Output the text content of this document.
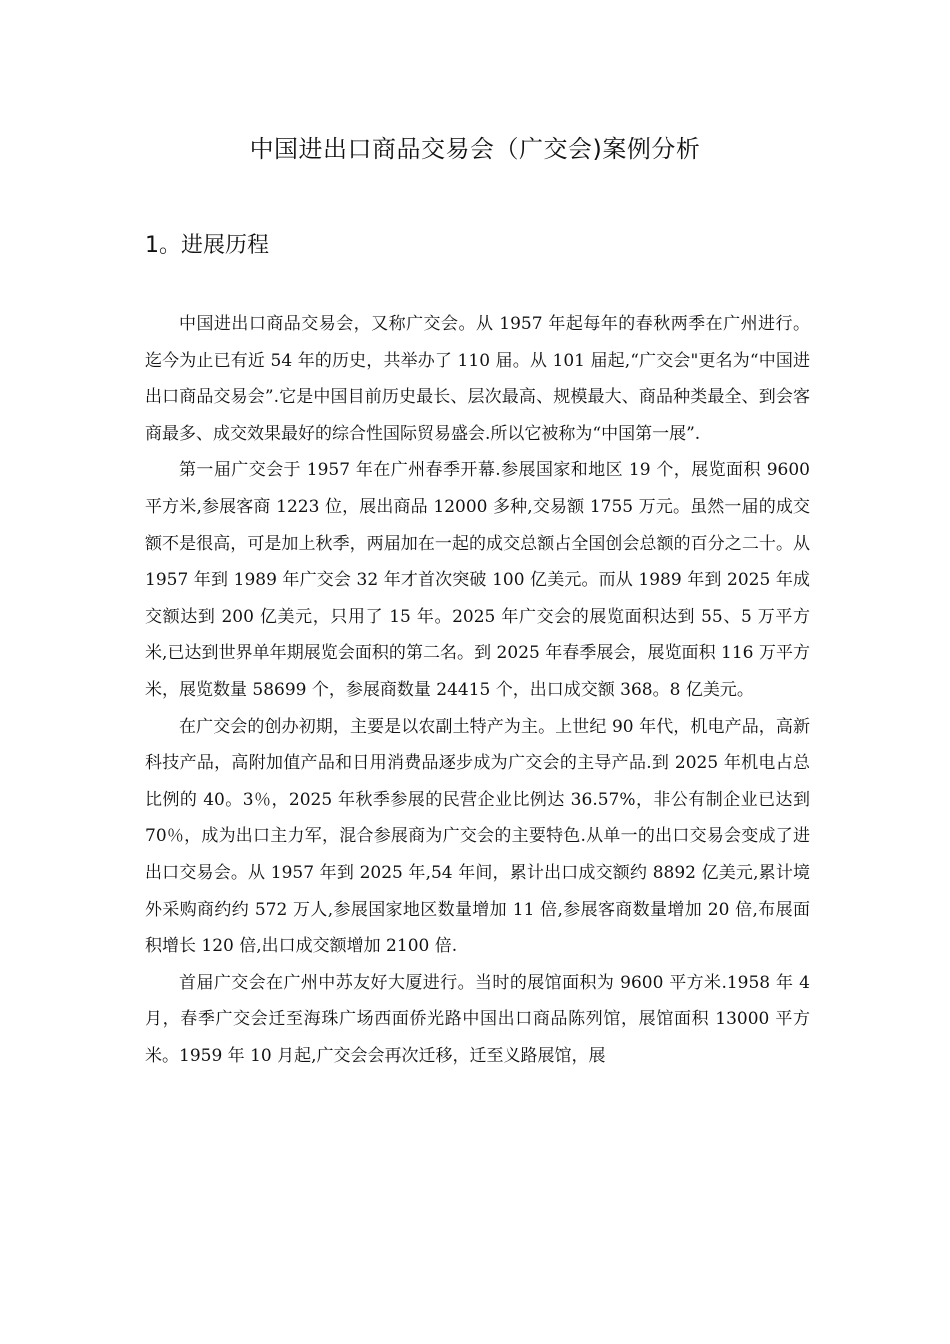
中国进出口商品交易会（广交会)案例分析
1。进展历程

中国进出口商品交易会，又称广交会。从 1957 年起每年的春秋两季在广州进行。迄今为止已有近 54 年的历史，共举办了 110 届。从 101 届起,“广交会"更名为“中国进出口商品交易会”.它是中国目前历史最长、层次最高、规模最大、商品种类最全、到会客商最多、成交效果最好的综合性国际贸易盛会.所以它被称为“中国第一展”.

第一届广交会于 1957 年在广州春季开幕.参展国家和地区 19 个，展览面积 9600 平方米,参展客商 1223 位，展出商品 12000 多种,交易额 1755 万元。虽然一届的成交额不是很高，可是加上秋季，两届加在一起的成交总额占全国创会总额的百分之二十。从 1957 年到 1989 年广交会 32 年才首次突破 100 亿美元。而从 1989 年到 2025 年成交额达到 200 亿美元，只用了 15 年。2025 年广交会的展览面积达到 55、5 万平方米,已达到世界单年期展览会面积的第二名。到 2025 年春季展会，展览面积 116 万平方米，展览数量 58699 个，参展商数量 24415 个，出口成交额 368。8 亿美元。

在广交会的创办初期，主要是以农副土特产为主。上世纪 90 年代，机电产品，高新科技产品，高附加值产品和日用消费品逐步成为广交会的主导产品.到 2025 年机电占总比例的 40。3％，2025 年秋季参展的民营企业比例达 36.57%，非公有制企业已达到 70％，成为出口主力军，混合参展商为广交会的主要特色.从单一的出口交易会变成了进出口交易会。从 1957 年到 2025 年,54 年间，累计出口成交额约 8892 亿美元,累计境外采购商约约 572 万人,参展国家地区数量增加 11 倍,参展客商数量增加 20 倍,布展面积增长 120 倍,出口成交额增加 2100 倍.

首届广交会在广州中苏友好大厦进行。当时的展馆面积为 9600 平方米.1958 年 4 月，春季广交会迁至海珠广场西面侨光路中国出口商品陈列馆，展馆面积 13000 平方米。1959 年 10 月起,广交会会再次迁移，迁至义路展馆，展
